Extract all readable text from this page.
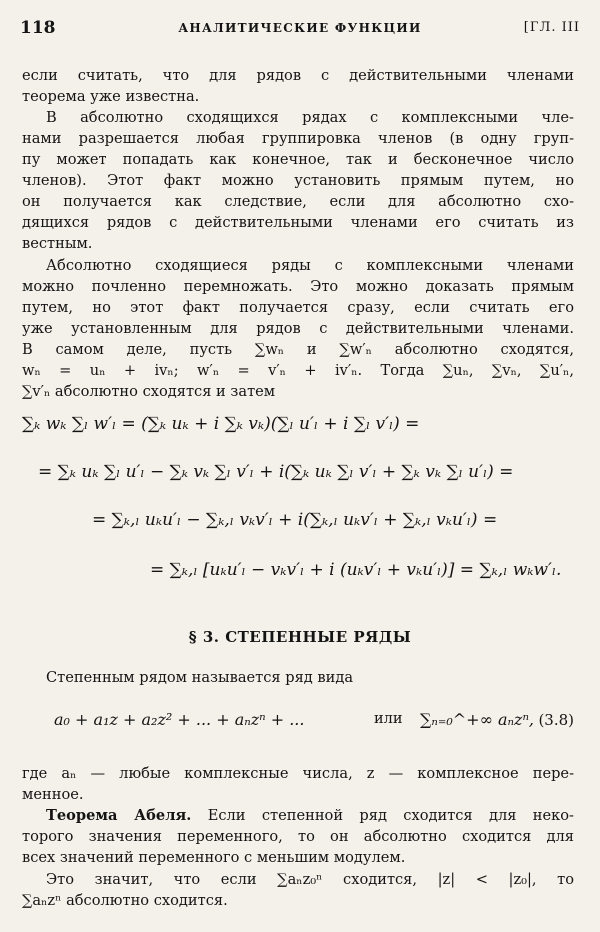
118	АНАЛИТИЧЕСКИЕ ФУНКЦИИ	[ГЛ. III
если считать, что для рядов с действительными членами
теорема уже известна.
В абсолютно сходящихся рядах с комплексными чле-
нами разрешается любая группировка членов (в одну груп-
пу может попадать как конечное, так и бесконечное число
членов). Этот факт можно установить прямым путем, но
он получается как следствие, если для абсолютно схо-
дящихся рядов с действительными членами его считать из
вестным.
Абсолютно сходящиеся ряды с комплексными членами
можно почленно перемножать. Это можно доказать прямым
путем, но этот факт получается сразу, если считать его
уже установленным для рядов с действительными членами.
В самом деле, пусть ∑wₙ и ∑w′ₙ абсолютно сходятся,
wₙ = uₙ + ivₙ; w′ₙ = v′ₙ + iv′ₙ. Тогда ∑uₙ, ∑vₙ, ∑u′ₙ,
∑v′ₙ абсолютно сходятся и затем
∑ₖ wₖ ∑ₗ w′ₗ = (∑ₖ uₖ + i ∑ₖ vₖ)(∑ₗ u′ₗ + i ∑ₗ v′ₗ) =
= ∑ₖ uₖ ∑ₗ u′ₗ − ∑ₖ vₖ ∑ₗ v′ₗ + i(∑ₖ uₖ ∑ₗ v′ₗ + ∑ₖ vₖ ∑ₗ u′ₗ) =
= ∑ₖ,ₗ uₖu′ₗ − ∑ₖ,ₗ vₖv′ₗ + i(∑ₖ,ₗ uₖv′ₗ + ∑ₖ,ₗ vₖu′ₗ) =
= ∑ₖ,ₗ [uₖu′ₗ − vₖv′ₗ + i (uₖv′ₗ + vₖu′ₗ)] = ∑ₖ,ₗ wₖw′ₗ.
§ 3. СТЕПЕННЫЕ РЯДЫ
Степенным рядом называется ряд вида
a₀ + a₁z + a₂z² + ... + aₙzⁿ + ...	или ∑ₙ₌₀^+∞ aₙzⁿ, (3.8)
где aₙ — любые комплексные числа, z — комплексное пере-
менное.
Теорема Абеля. Если степенной ряд сходится для неко-
торого значения переменного, то он абсолютно сходится для
всех значений переменного с меньшим модулем.
Это значит, что если ∑aₙz₀ⁿ сходится, |z| < |z₀|, то
∑aₙzⁿ абсолютно сходится.
